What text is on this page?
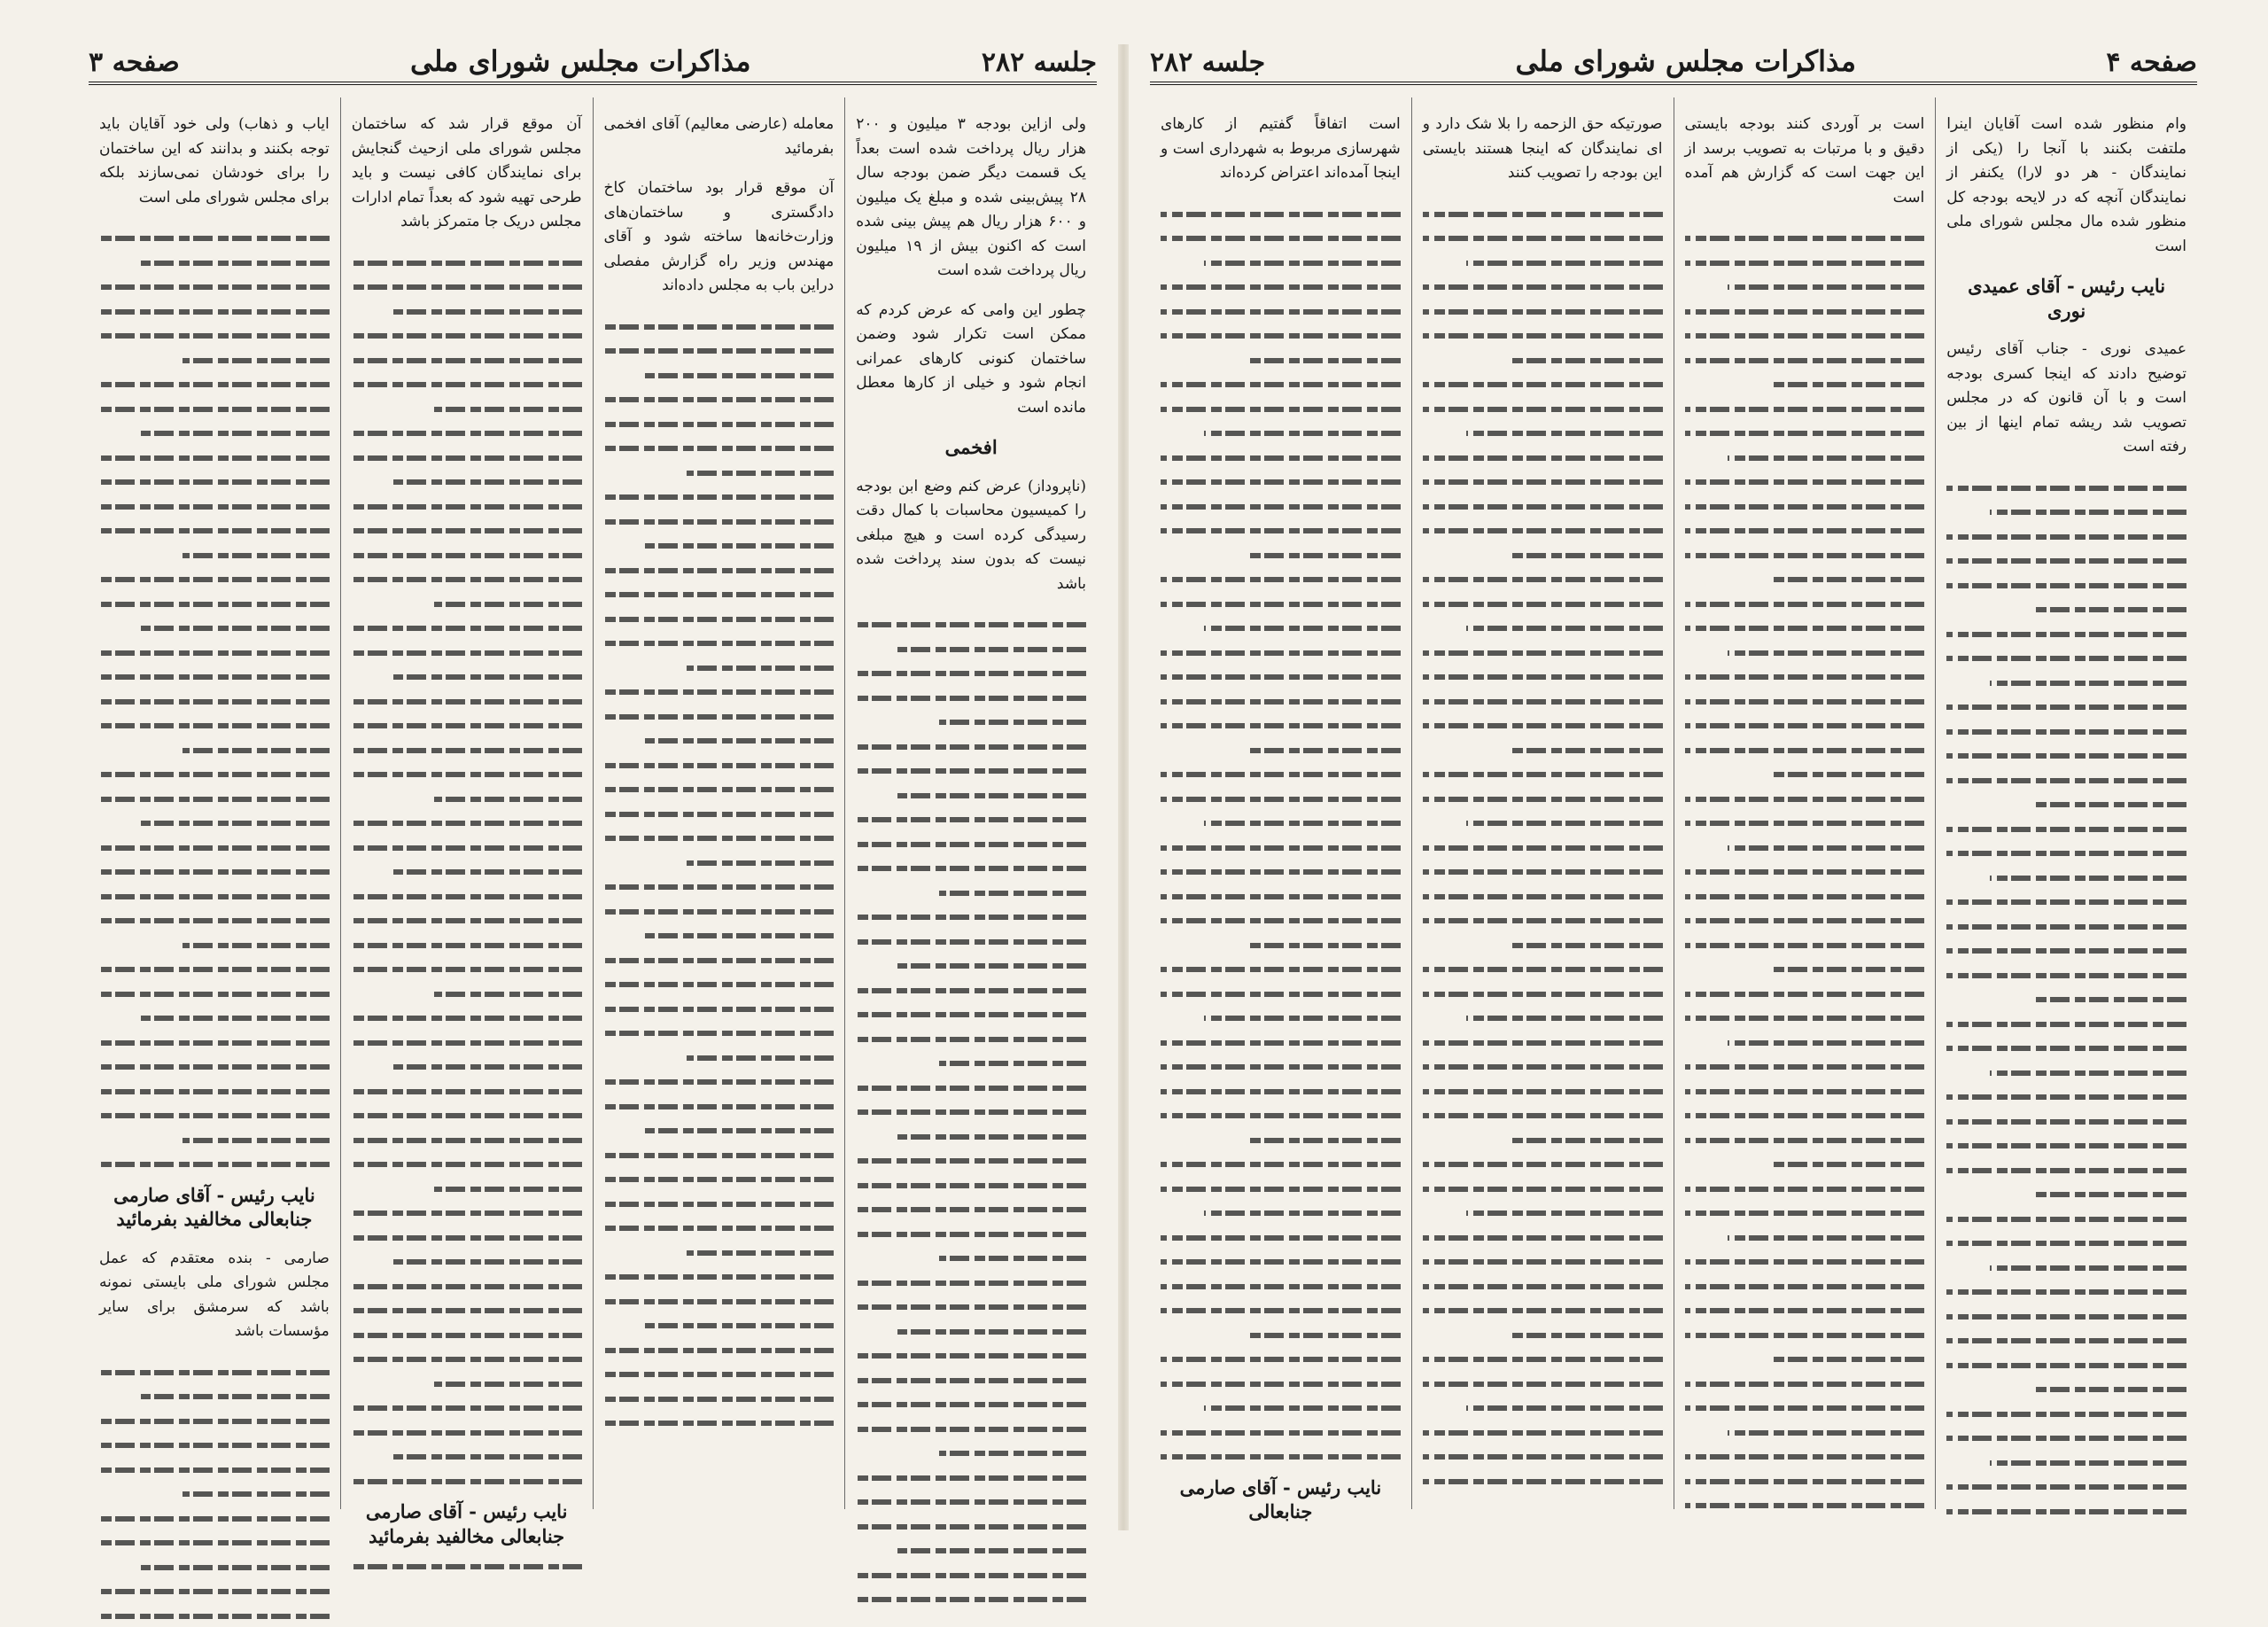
جلسه ۲۸۲
مذاکرات مجلس شورای ملی
صفحه ۳

ولی ازاین بودجه ۳ میلیون و ۲۰۰ هزار ریال پرداخت شده است بعداً یک قسمت دیگر ضمن بودجه سال ۲۸ پیش‌بینی شده و مبلغ یک میلیون و ۶۰۰ هزار ریال هم پیش بینی شده است که اکنون بیش از ۱۹ میلیون ریال پرداخت شده است

چطور این وامی که عرض کردم که ممکن است تکرار شود وضمن ساختمان کنونی کارهای عمرانی انجام شود و خیلی از کارها معطل مانده است

افخمی

(ناپروداز) عرض کنم وضع ابن بودجه را کمیسیون محاسبات با کمال دقت رسیدگی کرده است و هیچ مبلغی نیست که بدون سند پرداخت شده باشد

معامله (عارضی معالیم) آقای افخمی بفرمائید

آن موقع قرار بود ساختمان کاخ دادگستری و ساختمان‌های وزارت‌خانه‌ها ساخته شود و آقای مهندس وزیر راه گزارش مفصلی دراین باب به مجلس داده‌اند

آن موقع قرار شد که ساختمان مجلس شورای ملی ازحیث گنجایش برای نمایندگان کافی نیست و باید طرحی تهیه شود که بعداً تمام ادارات مجلس دریک جا متمرکز باشد

نایب رئیس - آقای صارمی جنابعالی مخالفید بفرمائید

ایاب و ذهاب) ولی خود آقایان باید توجه بکنند و بدانند که این ساختمان را برای خودشان نمی‌سازند بلکه برای مجلس شورای ملی است

نایب رئیس - آقای صارمی جنابعالی مخالفید بفرمائید

صارمی - بنده معتقدم که عمل مجلس شورای ملی بایستی نمونه باشد که سرمشق برای سایر مؤسسات باشد

صفحه ۴
مذاکرات مجلس شورای ملی
جلسه ۲۸۲

وام منظور شده است آقایان اینرا ملتفت بکنند با آنجا را (یکی از نمایندگان - هر دو لارا) یکنفر از نمایندگان آنچه که در لایحه بودجه کل منظور شده مال مجلس شورای ملی است

نایب رئیس - آقای عمیدی نوری

عمیدی نوری - جناب آقای رئیس توضیح دادند که اینجا کسری بودجه است و با آن قانون که در مجلس تصویب شد ریشه تمام اینها از بین رفته است

است بر آوردی کنند بودجه بایستی دقیق و با مرتبات به تصویب برسد از این جهت است که گزارش هم آمده است

صورتیکه حق الزحمه را بلا شک دارد و ای نمایندگان که اینجا هستند بایستی این بودجه را تصویب کنند

است اتفاقاً گفتیم از کارهای شهرسازی مربوط به شهرداری است و اینجا آمده‌اند اعتراض کرده‌اند

نایب رئیس - آقای صارمی جنابعالی
